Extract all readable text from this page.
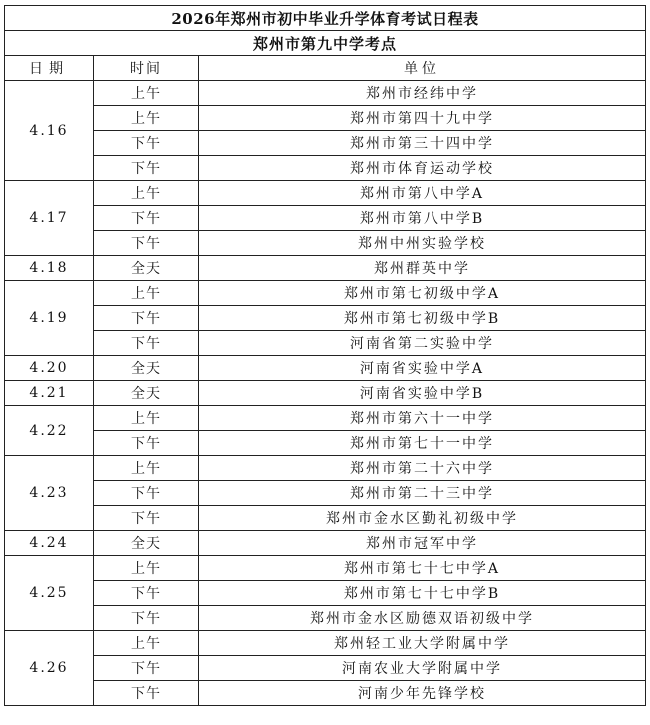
2026年郑州市初中毕业升学体育考试日程表		
郑州市第九中学考点		
日期	时间	单位
4.16	上午	郑州市经纬中学
	上午	郑州市第四十九中学
	下午	郑州市第三十四中学
	下午	郑州市体育运动学校
4.17	上午	郑州市第八中学A
	下午	郑州市第八中学B
	下午	郑州中州实验学校
4.18	全天	郑州群英中学
4.19	上午	郑州市第七初级中学A
	下午	郑州市第七初级中学B
	下午	河南省第二实验中学
4.20	全天	河南省实验中学A
4.21	全天	河南省实验中学B
4.22	上午	郑州市第六十一中学
	下午	郑州市第七十一中学
4.23	上午	郑州市第二十六中学
	下午	郑州市第二十三中学
	下午	郑州市金水区勤礼初级中学
4.24	全天	郑州市冠军中学
4.25	上午	郑州市第七十七中学A
	下午	郑州市第七十七中学B
	下午	郑州市金水区励德双语初级中学
4.26	上午	郑州轻工业大学附属中学
	下午	河南农业大学附属中学
	下午	河南少年先锋学校
